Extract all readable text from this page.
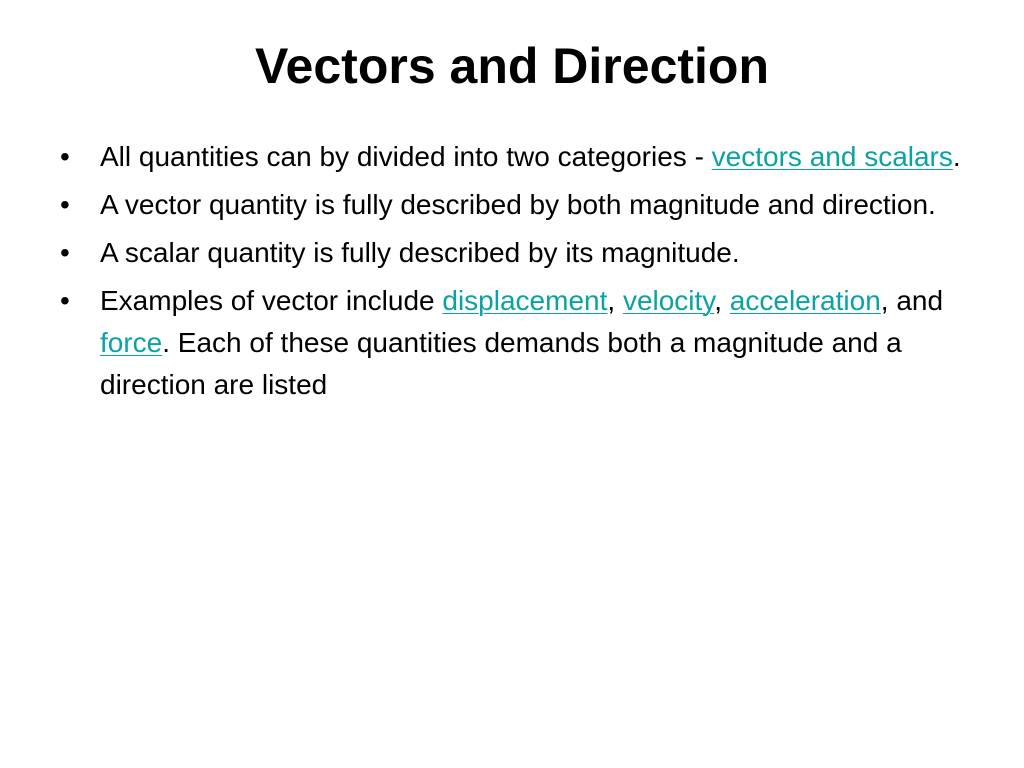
Vectors and Direction
•	All quantities can by divided into two categories - vectors and scalars.
•	A vector quantity is fully described by both magnitude and direction.
•	A scalar quantity is fully described by its magnitude.
•	Examples of vector include displacement, velocity, acceleration, and force. Each of these quantities demands both a magnitude and a direction are listed
